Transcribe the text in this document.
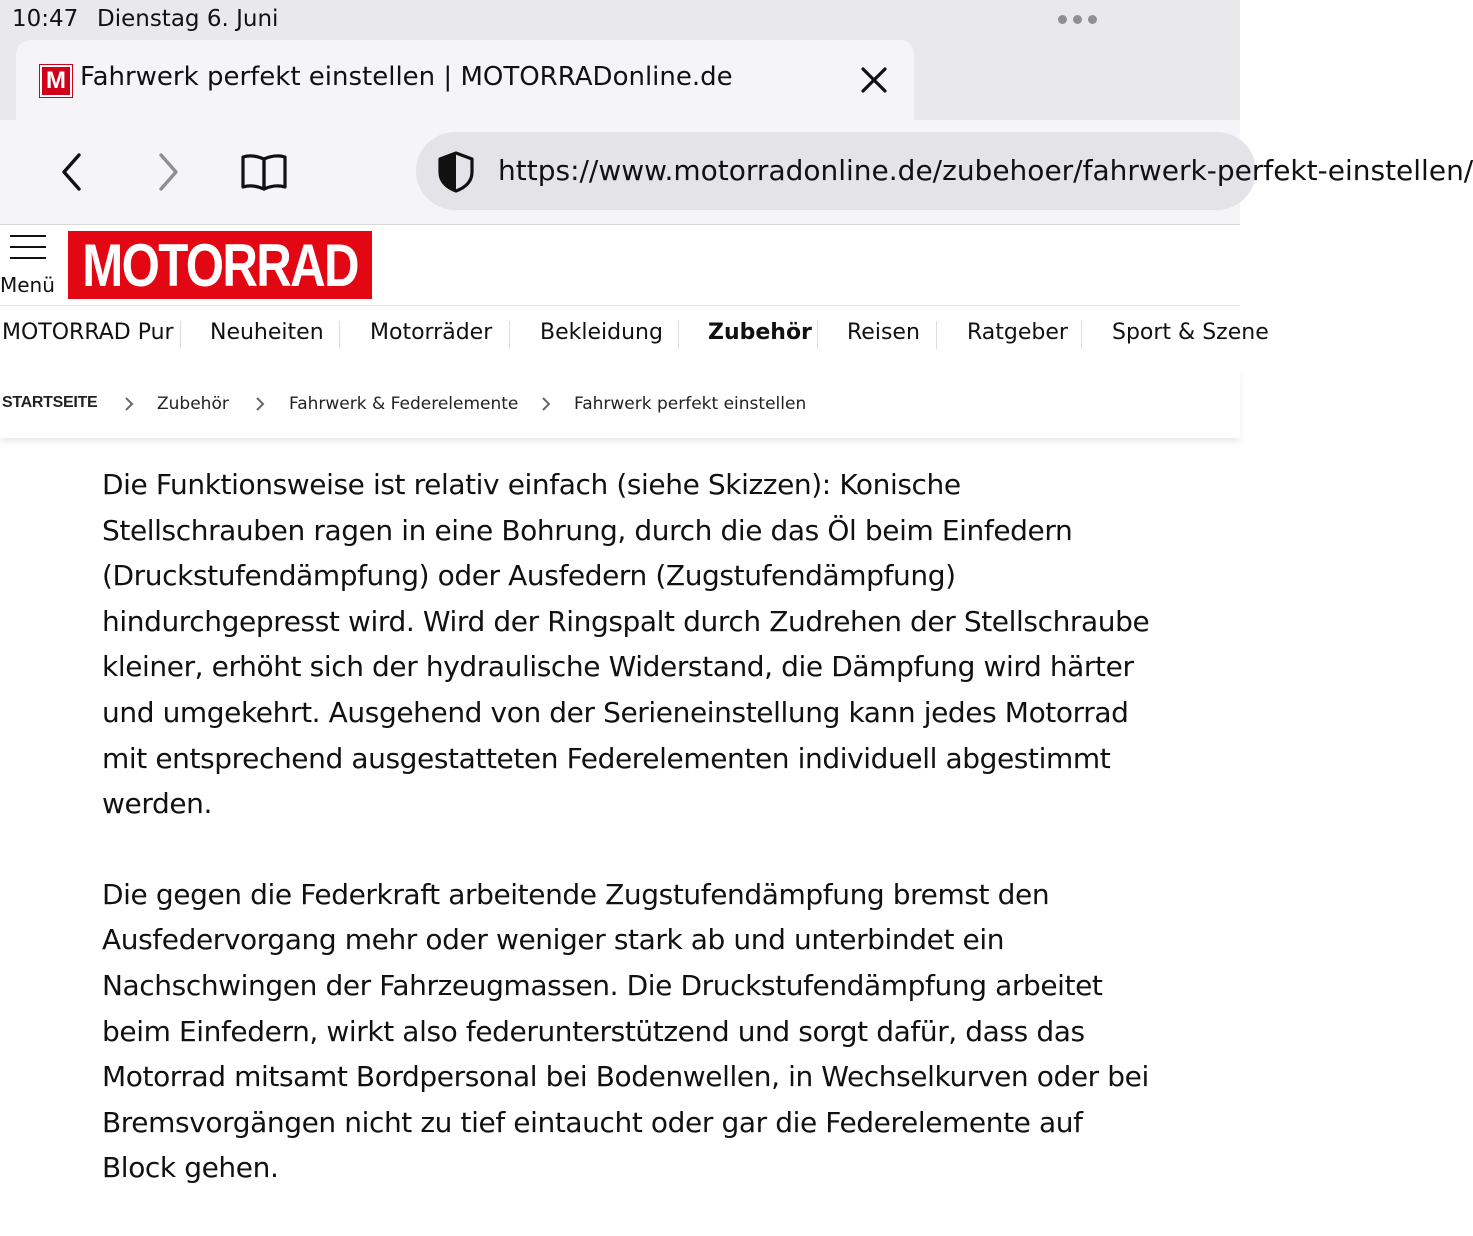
10:47 Dienstag 6. Juni
M Fahrwerk perfekt einstellen | MOTORRADonline.de
https://www.motorradonline.de/zubehoer/fahrwerk-perfekt-einstellen/
Menü MOTORRAD
MOTORRAD Pur Neuheiten Motorräder Bekleidung Zubehör Reisen Ratgeber Sport & Szene
STARTSEITE	Zubehör	Fahrwerk & Federelemente	Fahrwerk perfekt einstellen

Die Funktionsweise ist relativ einfach (siehe Skizzen): Konische Stellschrauben ragen in eine Bohrung, durch die das Öl beim Einfedern (Druckstufendämpfung) oder Ausfedern (Zugstufendämpfung) hindurchgepresst wird. Wird der Ringspalt durch Zudrehen der Stellschraube kleiner, erhöht sich der hydraulische Widerstand, die Dämpfung wird härter und umgekehrt. Ausgehend von der Serieneinstellung kann jedes Motorrad mit entsprechend ausgestatteten Federelementen individuell abgestimmt werden.

Die gegen die Federkraft arbeitende Zugstufendämpfung bremst den Ausfedervorgang mehr oder weniger stark ab und unterbindet ein Nachschwingen der Fahrzeugmassen. Die Druckstufendämpfung arbeitet beim Einfedern, wirkt also federunterstützend und sorgt dafür, dass das Motorrad mitsamt Bordpersonal bei Bodenwellen, in Wechselkurven oder bei Bremsvorgängen nicht zu tief eintaucht oder gar die Federelemente auf Block gehen.
